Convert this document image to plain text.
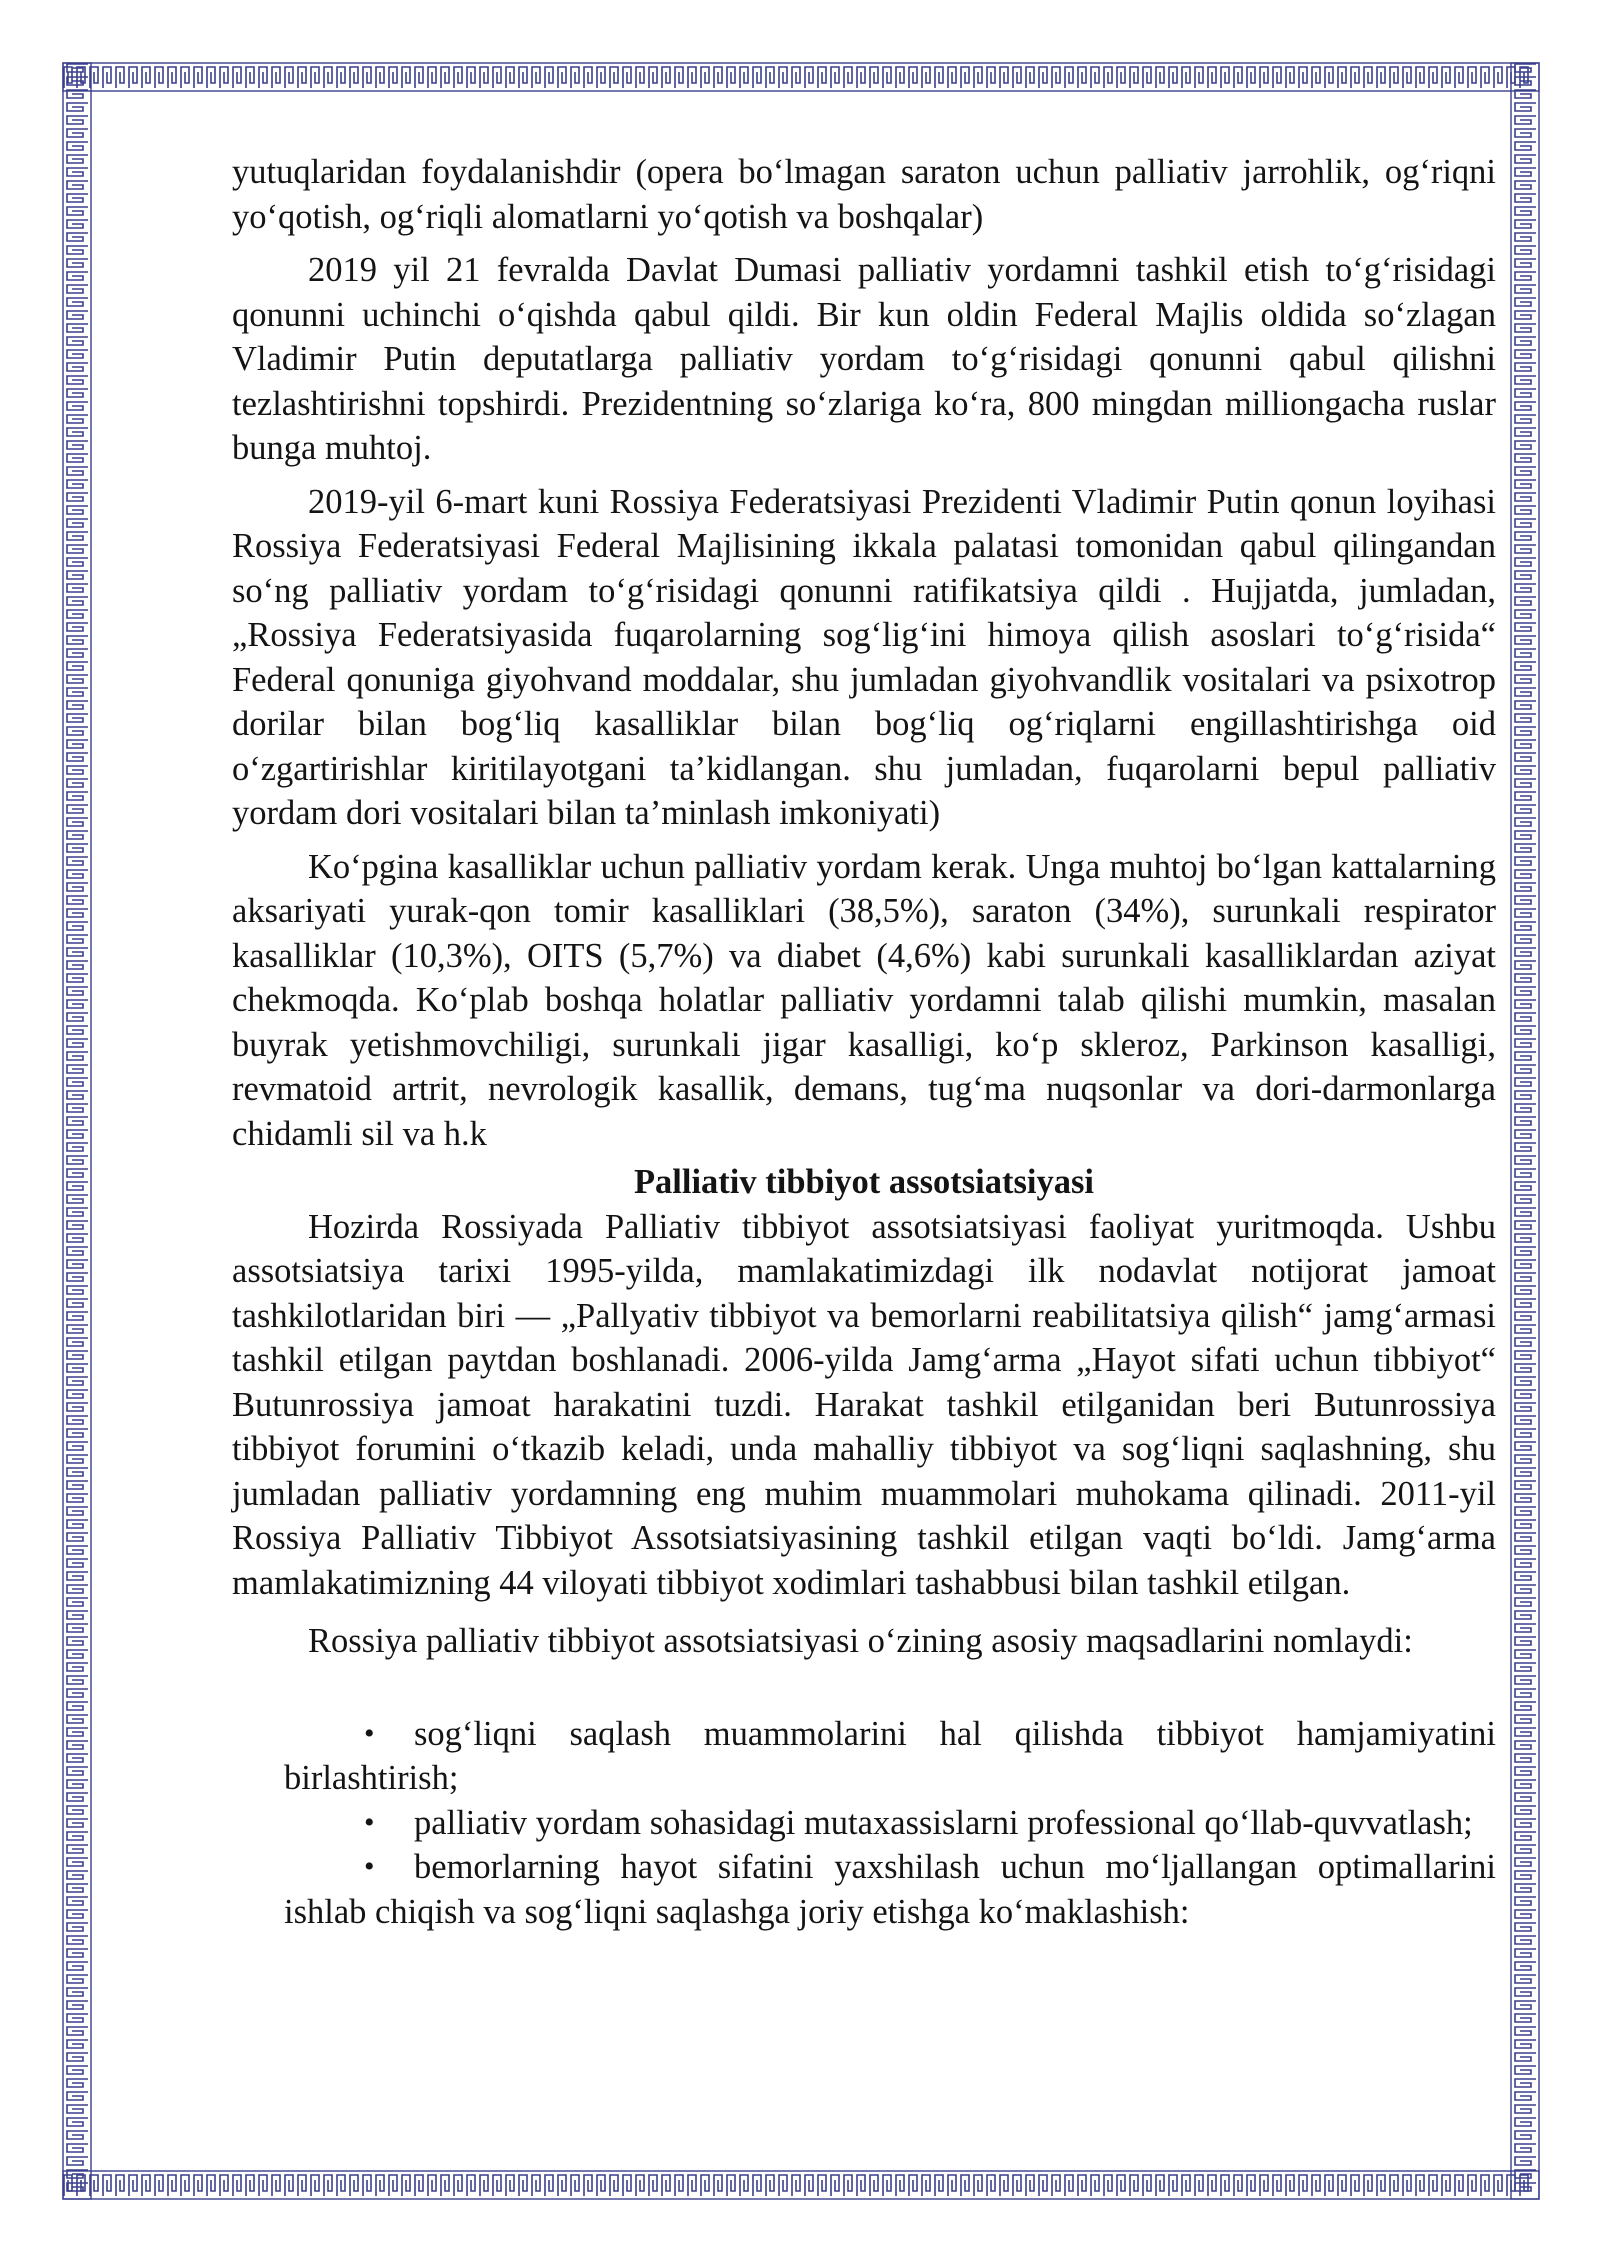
yutuqlaridan foydalanishdir (opera bo‘lmagan saraton uchun palliativ jarrohlik, og‘riqni yo‘qotish, og‘riqli alomatlarni yo‘qotish va boshqalar)

2019 yil 21 fevralda Davlat Dumasi palliativ yordamni tashkil etish to‘g‘risidagi qonunni uchinchi o‘qishda qabul qildi. Bir kun oldin Federal Majlis oldida so‘zlagan Vladimir Putin deputatlarga palliativ yordam to‘g‘risidagi qonunni qabul qilishni tezlashtirishni topshirdi. Prezidentning so‘zlariga ko‘ra, 800 mingdan milliongacha ruslar bunga muhtoj.

2019-yil 6-mart kuni Rossiya Federatsiyasi Prezidenti Vladimir Putin qonun loyihasi Rossiya Federatsiyasi Federal Majlisining ikkala palatasi tomonidan qabul qilingandan so‘ng palliativ yordam to‘g‘risidagi qonunni ratifikatsiya qildi . Hujjatda, jumladan, „Rossiya Federatsiyasida fuqarolarning sog‘lig‘ini himoya qilish asoslari to‘g‘risida“ Federal qonuniga giyohvand moddalar, shu jumladan giyohvandlik vositalari va psixotrop dorilar bilan bog‘liq kasalliklar bilan bog‘liq og‘riqlarni engillashtirishga oid o‘zgartirishlar kiritilayotgani ta’kidlangan. shu jumladan, fuqarolarni bepul palliativ yordam dori vositalari bilan ta’minlash imkoniyati)

Ko‘pgina kasalliklar uchun palliativ yordam kerak. Unga muhtoj bo‘lgan kattalarning aksariyati yurak-qon tomir kasalliklari (38,5%), saraton (34%), surunkali respirator kasalliklar (10,3%), OITS (5,7%) va diabet (4,6%) kabi surunkali kasalliklardan aziyat chekmoqda. Ko‘plab boshqa holatlar palliativ yordamni talab qilishi mumkin, masalan buyrak yetishmovchiligi, surunkali jigar kasalligi, ko‘p skleroz, Parkinson kasalligi, revmatoid artrit, nevrologik kasallik, demans, tug‘ma nuqsonlar va dori-darmonlarga chidamli sil va h.k

Palliativ tibbiyot assotsiatsiyasi

Hozirda Rossiyada Palliativ tibbiyot assotsiatsiyasi faoliyat yuritmoqda. Ushbu assotsiatsiya tarixi 1995-yilda, mamlakatimizdagi ilk nodavlat notijorat jamoat tashkilotlaridan biri — „Pallyativ tibbiyot va bemorlarni reabilitatsiya qilish“ jamg‘armasi tashkil etilgan paytdan boshlanadi. 2006-yilda Jamg‘arma „Hayot sifati uchun tibbiyot“ Butunrossiya jamoat harakatini tuzdi. Harakat tashkil etilganidan beri Butunrossiya tibbiyot forumini o‘tkazib keladi, unda mahalliy tibbiyot va sog‘liqni saqlashning, shu jumladan palliativ yordamning eng muhim muammolari muhokama qilinadi. 2011-yil Rossiya Palliativ Tibbiyot Assotsiatsiyasining tashkil etilgan vaqti bo‘ldi. Jamg‘arma mamlakatimizning 44 viloyati tibbiyot xodimlari tashabbusi bilan tashkil etilgan.

Rossiya palliativ tibbiyot assotsiatsiyasi o‘zining asosiy maqsadlarini nomlaydi:

• sog‘liqni saqlash muammolarini hal qilishda tibbiyot hamjamiyatini birlashtirish;
• palliativ yordam sohasidagi mutaxassislarni professional qo‘llab-quvvatlash;
• bemorlarning hayot sifatini yaxshilash uchun mo‘ljallangan optimallarini ishlab chiqish va sog‘liqni saqlashga joriy etishga ko‘maklashish:
